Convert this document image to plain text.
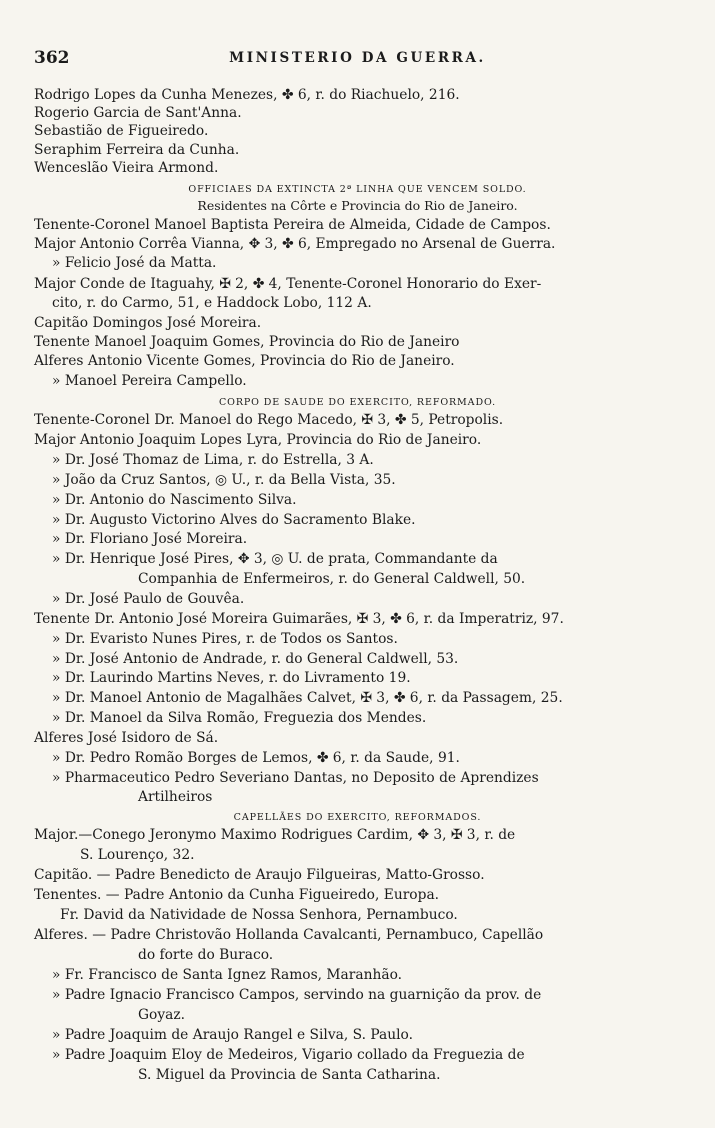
362	MINISTERIO DA GUERRA.
Rodrigo Lopes da Cunha Menezes, ✤ 6, r. do Riachuelo, 216.
Rogerio Garcia de Sant'Anna.
Sebastião de Figueiredo.
Seraphim Ferreira da Cunha.
Wenceslão Vieira Armond.
OFFICIAES DA EXTINCTA 2ª LINHA QUE VENCEM SOLDO.
Residentes na Côrte e Provincia do Rio de Janeiro.
Tenente-Coronel Manoel Baptista Pereira de Almeida, Cidade de Campos.
Major Antonio Corrêa Vianna, ✥ 3, ✤ 6, Empregado no Arsenal de Guerra.
» Felicio José da Matta.
Major Conde de Itaguahy, ✠ 2, ✤ 4, Tenente-Coronel Honorario do Exer-
cito, r. do Carmo, 51, e Haddock Lobo, 112 A.
Capitão Domingos José Moreira.
Tenente Manoel Joaquim Gomes, Provincia do Rio de Janeiro
Alferes Antonio Vicente Gomes, Provincia do Rio de Janeiro.
» Manoel Pereira Campello.
CORPO DE SAUDE DO EXERCITO, REFORMADO.
Tenente-Coronel Dr. Manoel do Rego Macedo, ✠ 3, ✤ 5, Petropolis.
Major Antonio Joaquim Lopes Lyra, Provincia do Rio de Janeiro.
» Dr. José Thomaz de Lima, r. do Estrella, 3 A.
» João da Cruz Santos, ◎ U., r. da Bella Vista, 35.
» Dr. Antonio do Nascimento Silva.
» Dr. Augusto Victorino Alves do Sacramento Blake.
» Dr. Floriano José Moreira.
» Dr. Henrique José Pires, ✥ 3, ◎ U. de prata, Commandante da
Companhia de Enfermeiros, r. do General Caldwell, 50.
» Dr. José Paulo de Gouvêa.
Tenente Dr. Antonio José Moreira Guimarães, ✠ 3, ✤ 6, r. da Imperatriz, 97.
» Dr. Evaristo Nunes Pires, r. de Todos os Santos.
» Dr. José Antonio de Andrade, r. do General Caldwell, 53.
» Dr. Laurindo Martins Neves, r. do Livramento 19.
» Dr. Manoel Antonio de Magalhães Calvet, ✠ 3, ✤ 6, r. da Passagem, 25.
» Dr. Manoel da Silva Romão, Freguezia dos Mendes.
Alferes José Isidoro de Sá.
» Dr. Pedro Romão Borges de Lemos, ✤ 6, r. da Saude, 91.
» Pharmaceutico Pedro Severiano Dantas, no Deposito de Aprendizes
Artilheiros
CAPELLÃES DO EXERCITO, REFORMADOS.
Major.—Conego Jeronymo Maximo Rodrigues Cardim, ✥ 3, ✠ 3, r. de
S. Lourenço, 32.
Capitão. — Padre Benedicto de Araujo Filgueiras, Matto-Grosso.
Tenentes. — Padre Antonio da Cunha Figueiredo, Europa.
Fr. David da Natividade de Nossa Senhora, Pernambuco.
Alferes. — Padre Christovão Hollanda Cavalcanti, Pernambuco, Capellão
do forte do Buraco.
» Fr. Francisco de Santa Ignez Ramos, Maranhão.
» Padre Ignacio Francisco Campos, servindo na guarnição da prov. de
Goyaz.
» Padre Joaquim de Araujo Rangel e Silva, S. Paulo.
» Padre Joaquim Eloy de Medeiros, Vigario collado da Freguezia de
S. Miguel da Provincia de Santa Catharina.
